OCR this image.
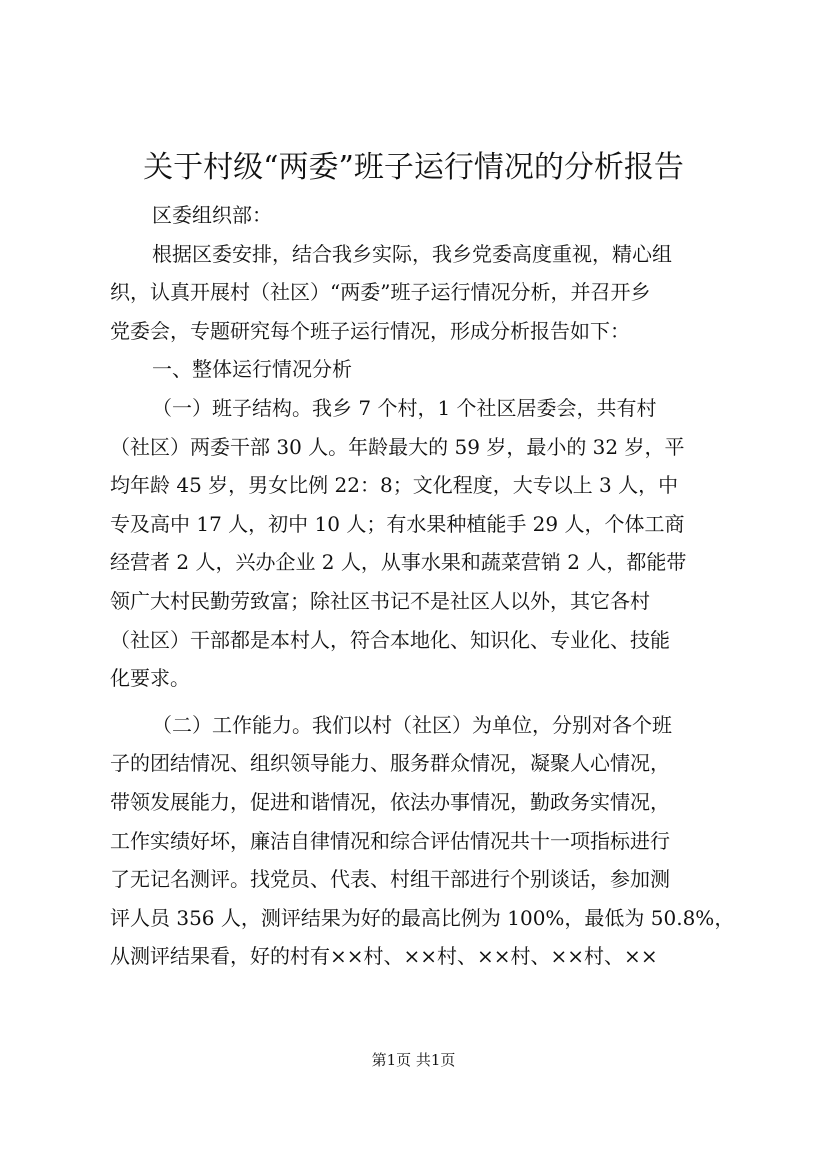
关于村级“两委”班子运行情况的分析报告
区委组织部：
根据区委安排，结合我乡实际，我乡党委高度重视，精心组
织，认真开展村（社区）“两委”班子运行情况分析，并召开乡
党委会，专题研究每个班子运行情况，形成分析报告如下：
一、整体运行情况分析
（一）班子结构。我乡 7 个村，1 个社区居委会，共有村
（社区）两委干部 30 人。年龄最大的 59 岁，最小的 32 岁，平
均年龄 45 岁，男女比例 22：8；文化程度，大专以上 3 人，中
专及高中 17 人，初中 10 人；有水果种植能手 29 人，个体工商
经营者 2 人，兴办企业 2 人，从事水果和蔬菜营销 2 人，都能带
领广大村民勤劳致富；除社区书记不是社区人以外，其它各村
（社区）干部都是本村人，符合本地化、知识化、专业化、技能
化要求。
（二）工作能力。我们以村（社区）为单位，分别对各个班
子的团结情况、组织领导能力、服务群众情况，凝聚人心情况，
带领发展能力，促进和谐情况，依法办事情况，勤政务实情况，
工作实绩好坏，廉洁自律情况和综合评估情况共十一项指标进行
了无记名测评。找党员、代表、村组干部进行个别谈话，参加测
评人员 356 人，测评结果为好的最高比例为 100%，最低为 50.8%，
从测评结果看，好的村有××村、××村、××村、××村、××
第1页 共1页
